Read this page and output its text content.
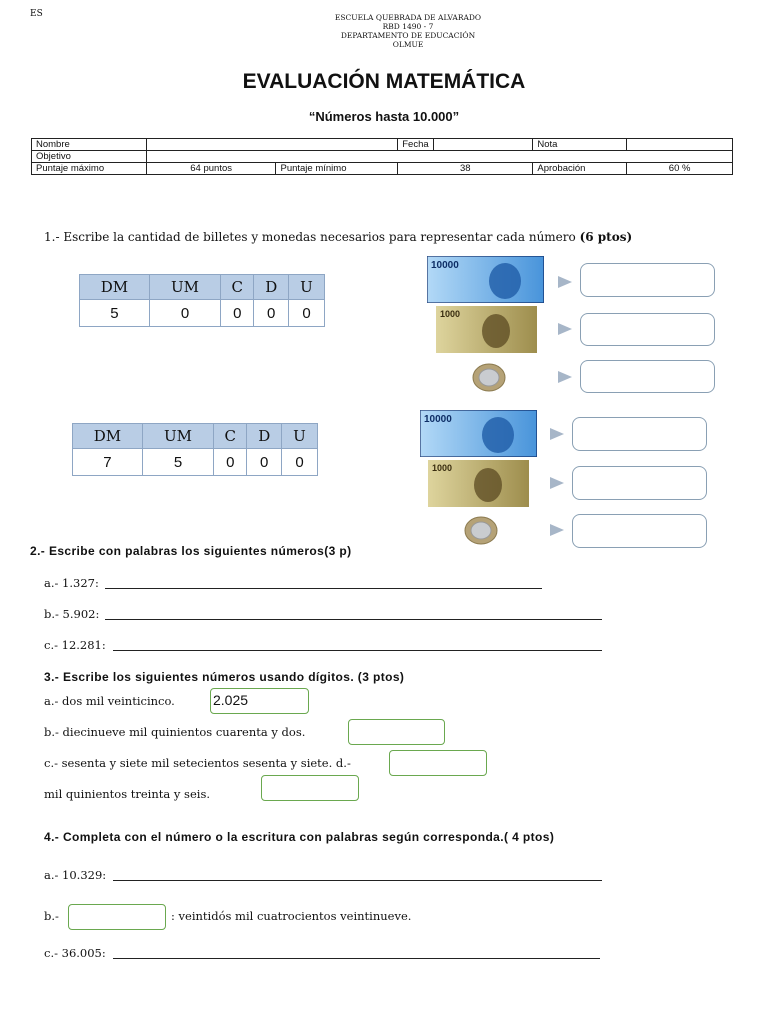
ES	ESCUELA QUEBRADA DE ALVARADO
RBD 1490 - 7
DEPARTAMENTO DE EDUCACIÓN
OLMUE
EVALUACIÓN MATEMÁTICA
“Números hasta 10.000”
Nombre			Fecha		Nota	
Objetivo						
Puntaje máximo	64 puntos	Puntaje mínimo	38		Aprobación	60 %
1.- Escribe la cantidad de billetes y monedas necesarios para representar cada número (6 ptos)
DM	UM	C	D	U
5	0	0	0	0
DM	UM	C	D	U
7	5	0	0	0
10000
1000
10000
1000
2.- Escribe con palabras los siguientes números(3 p)
a.- 1.327:
b.- 5.902:
c.- 12.281:
3.- Escribe los siguientes números usando dígitos. (3 ptos)
a.- dos mil veinticinco.	2.025
b.- diecinueve mil quinientos cuarenta y dos.
c.- sesenta y siete mil setecientos sesenta y siete. d.-
mil quinientos treinta y seis.
4.- Completa con el número o la escritura con palabras según corresponda.( 4 ptos)
a.- 10.329:
b.-	: veintidós mil cuatrocientos veintinueve.
c.- 36.005:
